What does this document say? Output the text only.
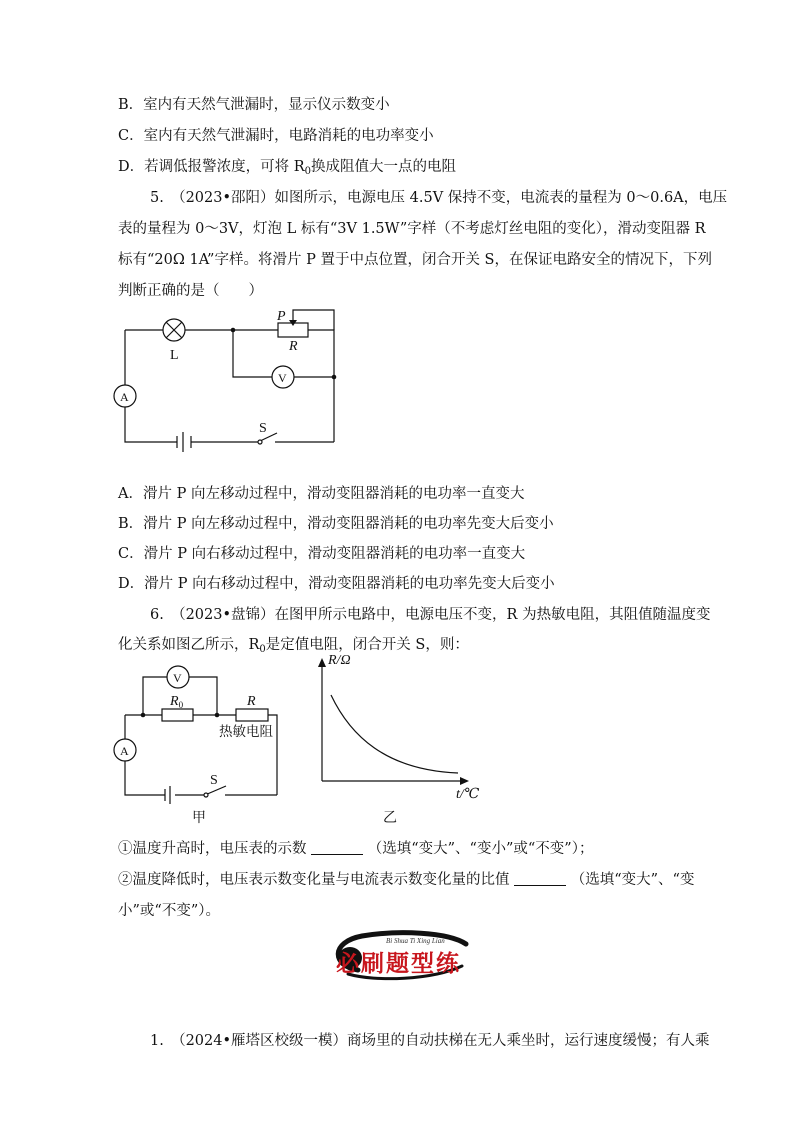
B．室内有天然气泄漏时，显示仪示数变小
C．室内有天然气泄漏时，电路消耗的电功率变小
D．若调低报警浓度，可将 $R_0$换成阻值大一点的电阻
5.　（2023•邵阳）如图所示，电源电压 4.5V 保持不变，电流表的量程为 0～0.6A，电压
表的量程为 0～3V，灯泡 L 标有“3V 1.5W”字样（不考虑灯丝电阻的变化），滑动变阻器 R
标有“20Ω 1A”字样。将滑片 P 置于中点位置，闭合开关 S，在保证电路安全的情况下，下列
判断正确的是（　　）
P
R
L
A
V
S
A．滑片 P 向左移动过程中，滑动变阻器消耗的电功率一直变大
B．滑片 P 向左移动过程中，滑动变阻器消耗的电功率先变大后变小
C．滑片 P 向右移动过程中，滑动变阻器消耗的电功率一直变大
D．滑片 P 向右移动过程中，滑动变阻器消耗的电功率先变大后变小
6.　（2023•盘锦）在图甲所示电路中，电源电压不变，R 为热敏电阻，其阻值随温度变
化关系如图乙所示，$R_0$是定值电阻，闭合开关 S，则：
V
$R_0$	R
热敏电阻
A
S
甲
R/Ω
t/℃
乙
①温度升高时，电压表的示数	（选填“变大”、“变小”或“不变”）；
②温度降低时，电压表示数变化量与电流表示数变化量的比值	（选填“变大”、“变
小”或“不变”）。
Bi Shua Ti Xing Lian
必刷题型练
1.　（2024•雁塔区校级一模）商场里的自动扶梯在无人乘坐时，运行速度缓慢；有人乘
